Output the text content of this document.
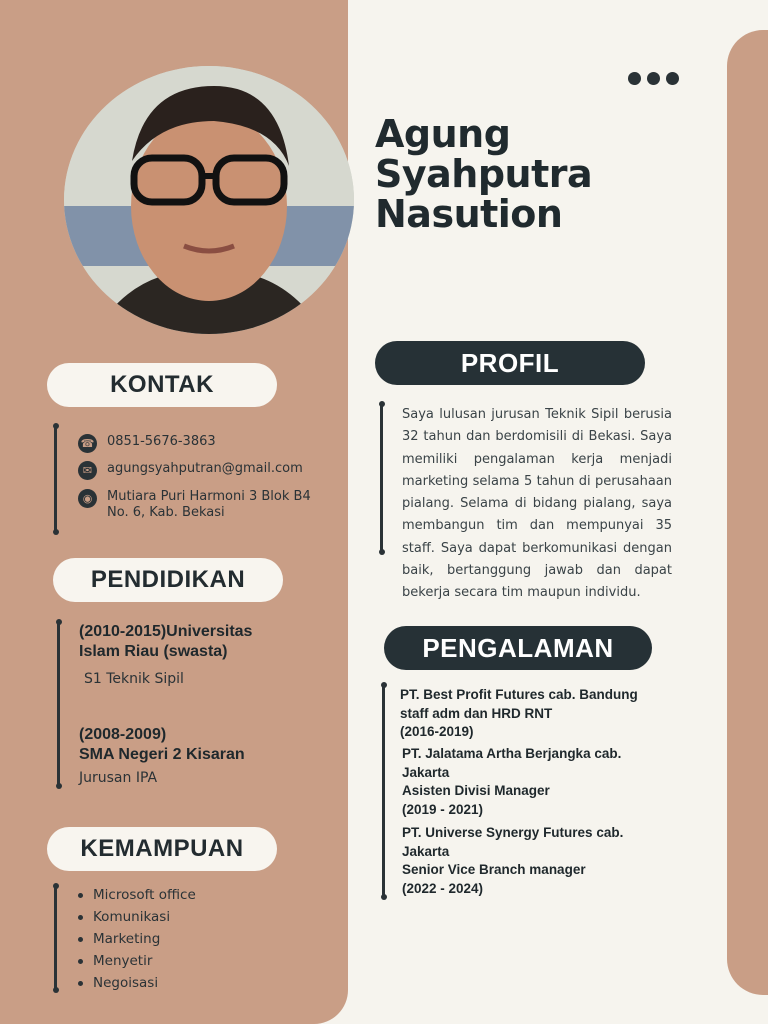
Agung
Syahputra
Nasution
KONTAK
☎ 0851-5676-3863
✉	agungsyahputran@gmail.com
◉	Mutiara Puri Harmoni 3 Blok B4
No. 6, Kab. Bekasi
PENDIDIKAN
(2010-2015)Universitas
Islam Riau (swasta)
S1 Teknik Sipil
(2008-2009)
SMA Negeri 2 Kisaran
Jurusan IPA
KEMAMPUAN
Microsoft office
Komunikasi
Marketing
Menyetir
Negoisasi
PROFIL
Saya lulusan jurusan Teknik Sipil berusia 32 tahun dan berdomisili di Bekasi. Saya memiliki pengalaman kerja menjadi marketing selama 5 tahun di perusahaan pialang. Selama di bidang pialang, saya membangun tim dan mempunyai 35 staff. Saya dapat berkomunikasi dengan baik, bertanggung jawab dan dapat bekerja secara tim maupun individu.
PENGALAMAN
PT. Best Profit Futures cab. Bandung
staff adm dan HRD RNT
(2016-2019)
PT. Jalatama Artha Berjangka cab.
Jakarta
Asisten Divisi Manager
(2019 - 2021)
PT. Universe Synergy Futures cab.
Jakarta
Senior Vice Branch manager
(2022 - 2024)
